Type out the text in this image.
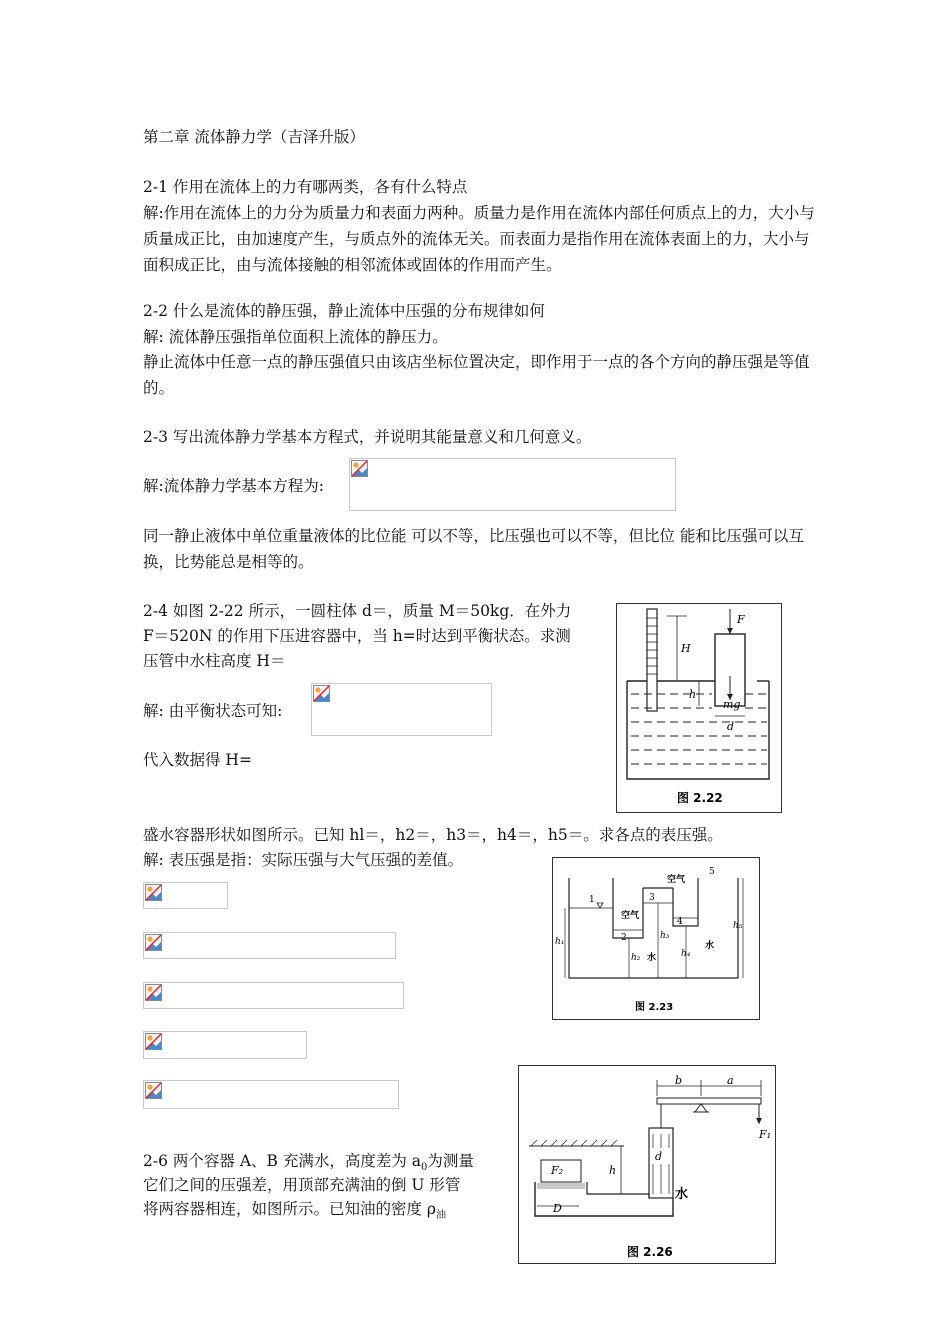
第二章 流体静力学（吉泽升版）
2-1 作用在流体上的力有哪两类，各有什么特点
解:作用在流体上的力分为质量力和表面力两种。质量力是作用在流体内部任何质点上的力，大小与质量成正比，由加速度产生，与质点外的流体无关。而表面力是指作用在流体表面上的力，大小与面积成正比，由与流体接触的相邻流体或固体的作用而产生。
2-2 什么是流体的静压强，静止流体中压强的分布规律如何
解: 流体静压强指单位面积上流体的静压力。
静止流体中任意一点的静压强值只由该店坐标位置决定，即作用于一点的各个方向的静压强是等值的。
2-3 写出流体静力学基本方程式，并说明其能量意义和几何意义。
解:流体静力学基本方程为:
同一静止液体中单位重量液体的比位能 可以不等，比压强也可以不等，但比位 能和比压强可以互换，比势能总是相等的。
2-4 如图 2-22 所示，一圆柱体 d＝，质量 M＝50kg．在外力
F＝520N 的作用下压进容器中，当 h=时达到平衡状态。求测
压管中水柱高度 H＝
解: 由平衡状态可知:
代入数据得 H=
H
F
mg
h
d
图 2.22
盛水容器形状如图所示。已知 hl＝，h2＝，h3＝，h4＝，h5＝。求各点的表压强。
解: 表压强是指：实际压强与大气压强的差值。
1
2
3
4
5
空气
空气
水
水
h₁
h₂
h₃
h₄
h₅
图 2.23
2-6 两个容器 A、B 充满水，高度差为 $a_0$为测量
它们之间的压强差，用顶部充满油的倒 U 形管
将两容器相连，如图所示。已知油的密度 $\rho_油$
b	a
F₁
d
F₂
D
h
水
图 2.26
